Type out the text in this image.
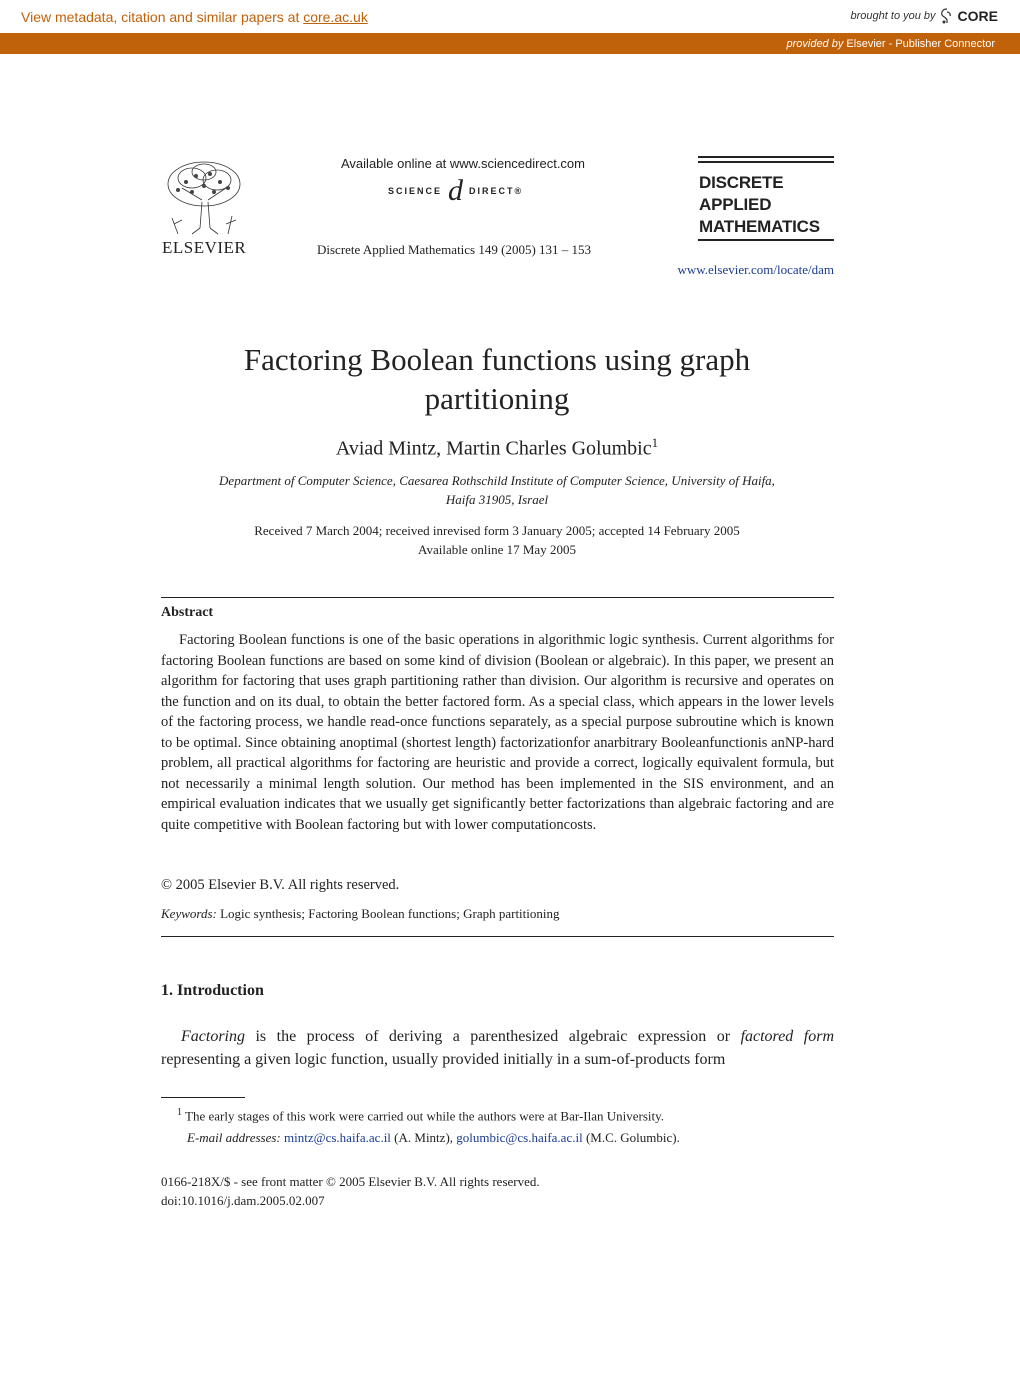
View metadata, citation and similar papers at core.ac.uk	brought to you by CORE
provided by Elsevier - Publisher Connector
ELSEVIER
Available online at www.sciencedirect.com
SCIENCE d DIRECT®
Discrete Applied Mathematics 149 (2005) 131 – 153
DISCRETE
APPLIED
MATHEMATICS
www.elsevier.com/locate/dam
Factoring Boolean functions using graph
partitioning
Aviad Mintz, Martin Charles Golumbic$^1$
Department of Computer Science, Caesarea Rothschild Institute of Computer Science, University of Haifa,
Haifa 31905, Israel
Received 7 March 2004; received inrevised form 3 January 2005; accepted 14 February 2005
Available online 17 May 2005
Abstract
Factoring Boolean functions is one of the basic operations in algorithmic logic synthesis. Current algorithms for factoring Boolean functions are based on some kind of division (Boolean or algebraic). In this paper, we present an algorithm for factoring that uses graph partitioning rather than division. Our algorithm is recursive and operates on the function and on its dual, to obtain the better factored form. As a special class, which appears in the lower levels of the factoring process, we handle read-once functions separately, as a special purpose subroutine which is known to be optimal. Since obtaining anoptimal (shortest length) factorizationfor anarbitrary Booleanfunctionis anNP-hard problem, all practical algorithms for factoring are heuristic and provide a correct, logically equivalent formula, but not necessarily a minimal length solution. Our method has been implemented in the SIS environment, and an empirical evaluation indicates that we usually get significantly better factorizations than algebraic factoring and are quite competitive with Boolean factoring but with lower computationcosts.
© 2005 Elsevier B.V. All rights reserved.
Keywords: Logic synthesis; Factoring Boolean functions; Graph partitioning
1. Introduction
Factoring is the process of deriving a parenthesized algebraic expression or factored form representing a given logic function, usually provided initially in a sum-of-products form
$^1$ The early stages of this work were carried out while the authors were at Bar-Ilan University.
E-mail addresses: mintz@cs.haifa.ac.il (A. Mintz), golumbic@cs.haifa.ac.il (M.C. Golumbic).
0166-218X/$ - see front matter © 2005 Elsevier B.V. All rights reserved.
doi:10.1016/j.dam.2005.02.007
